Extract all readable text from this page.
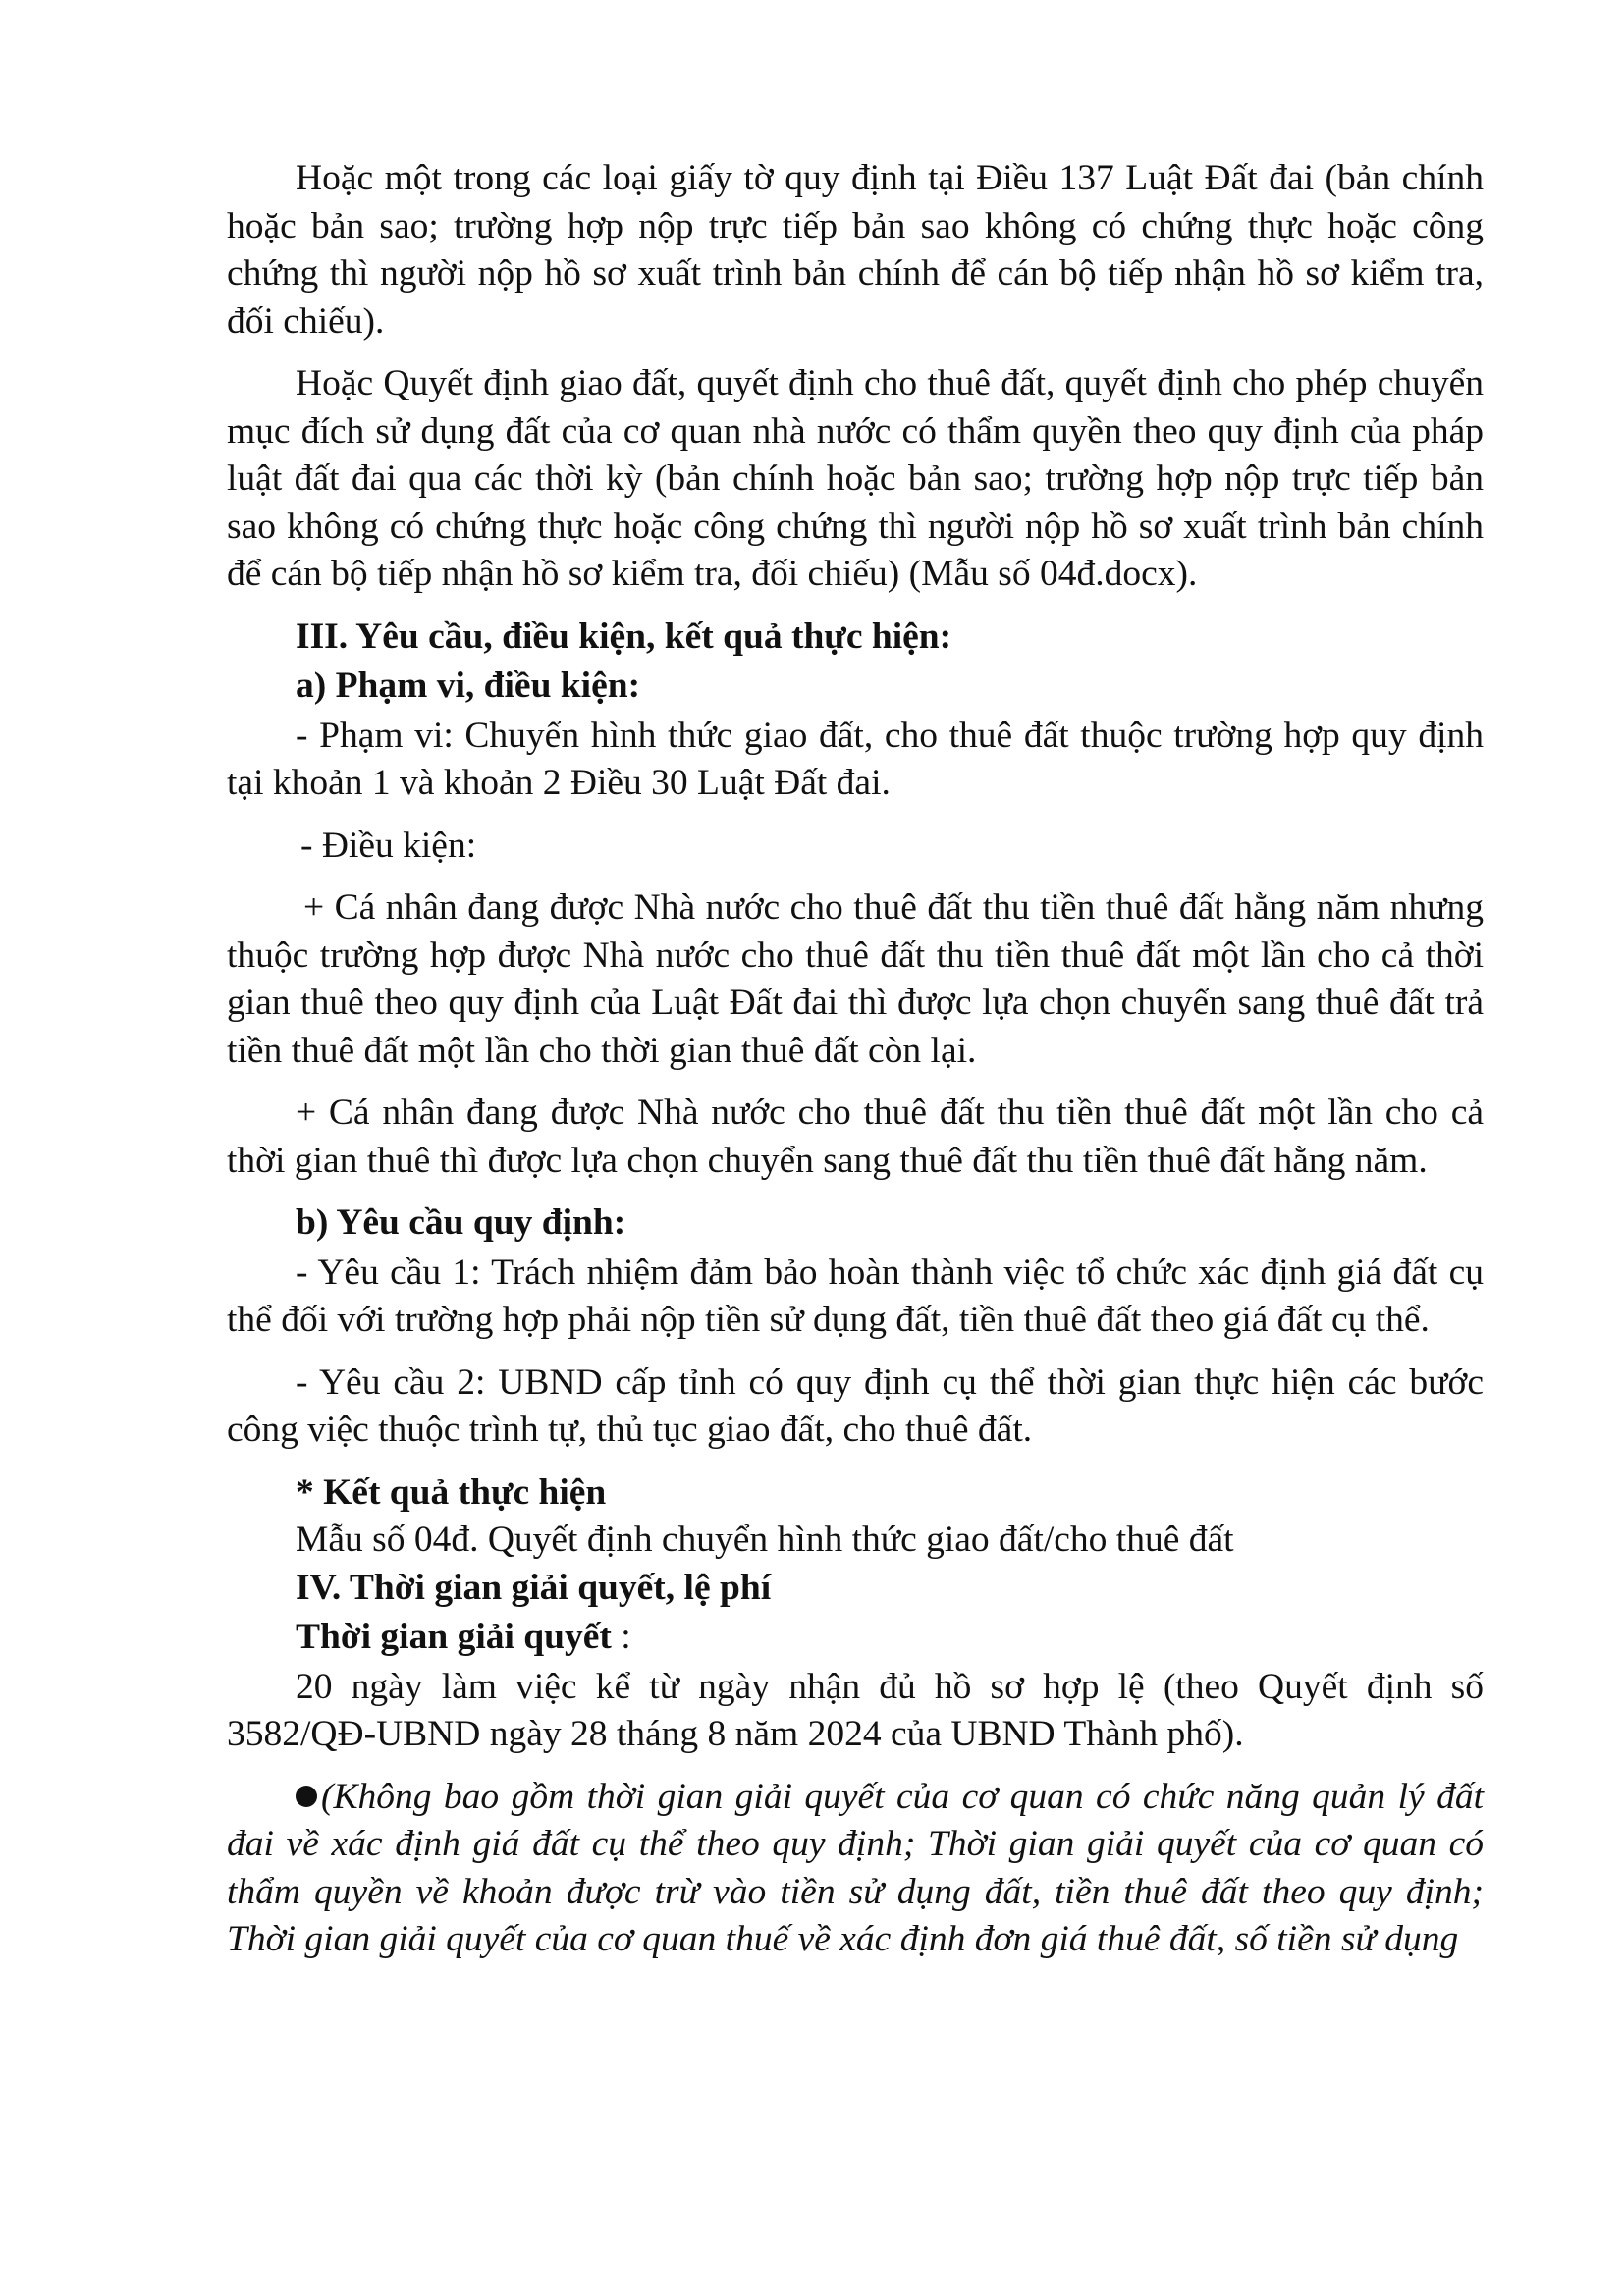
Hoặc một trong các loại giấy tờ quy định tại Điều 137 Luật Đất đai (bản chính hoặc bản sao; trường hợp nộp trực tiếp bản sao không có chứng thực hoặc công chứng thì người nộp hồ sơ xuất trình bản chính để cán bộ tiếp nhận hồ sơ kiểm tra, đối chiếu).

Hoặc Quyết định giao đất, quyết định cho thuê đất, quyết định cho phép chuyển mục đích sử dụng đất của cơ quan nhà nước có thẩm quyền theo quy định của pháp luật đất đai qua các thời kỳ (bản chính hoặc bản sao; trường hợp nộp trực tiếp bản sao không có chứng thực hoặc công chứng thì người nộp hồ sơ xuất trình bản chính để cán bộ tiếp nhận hồ sơ kiểm tra, đối chiếu) (Mẫu số 04đ.docx).

III. Yêu cầu, điều kiện, kết quả thực hiện:

a) Phạm vi, điều kiện:

- Phạm vi: Chuyển hình thức giao đất, cho thuê đất thuộc trường hợp quy định tại khoản 1 và khoản 2 Điều 30 Luật Đất đai.

- Điều kiện:

+ Cá nhân đang được Nhà nước cho thuê đất thu tiền thuê đất hằng năm nhưng thuộc trường hợp được Nhà nước cho thuê đất thu tiền thuê đất một lần cho cả thời gian thuê theo quy định của Luật Đất đai thì được lựa chọn chuyển sang thuê đất trả tiền thuê đất một lần cho thời gian thuê đất còn lại.

+ Cá nhân đang được Nhà nước cho thuê đất thu tiền thuê đất một lần cho cả thời gian thuê thì được lựa chọn chuyển sang thuê đất thu tiền thuê đất hằng năm.

b) Yêu cầu quy định:

- Yêu cầu 1: Trách nhiệm đảm bảo hoàn thành việc tổ chức xác định giá đất cụ thể đối với trường hợp phải nộp tiền sử dụng đất, tiền thuê đất theo giá đất cụ thể.

- Yêu cầu 2: UBND cấp tỉnh có quy định cụ thể thời gian thực hiện các bước công việc thuộc trình tự, thủ tục giao đất, cho thuê đất.

* Kết quả thực hiện

Mẫu số 04đ. Quyết định chuyển hình thức giao đất/cho thuê đất

IV. Thời gian giải quyết, lệ phí

Thời gian giải quyết :

20 ngày làm việc kể từ ngày nhận đủ hồ sơ hợp lệ (theo Quyết định số 3582/QĐ-UBND ngày 28 tháng 8 năm 2024 của UBND Thành phố).

(Không bao gồm thời gian giải quyết của cơ quan có chức năng quản lý đất đai về xác định giá đất cụ thể theo quy định; Thời gian giải quyết của cơ quan có thẩm quyền về khoản được trừ vào tiền sử dụng đất, tiền thuê đất theo quy định; Thời gian giải quyết của cơ quan thuế về xác định đơn giá thuê đất, số tiền sử dụng
